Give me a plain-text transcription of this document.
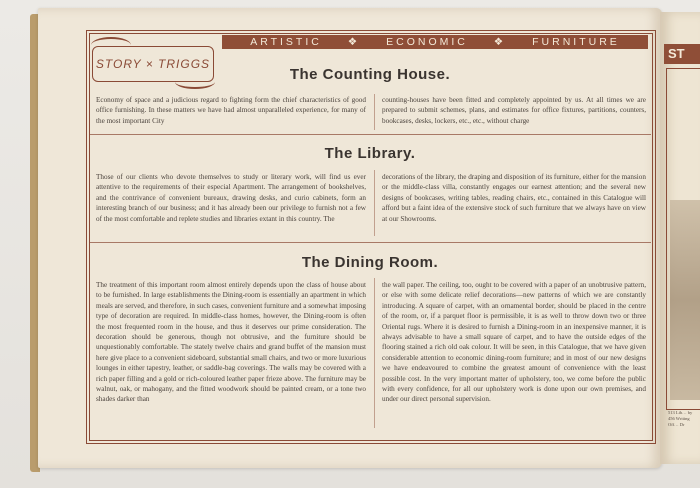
ARTISTIC ❖ ECONOMIC ❖ FURNITURE
STORY × TRIGGS
The Counting House.
Economy of space and a judicious regard to fighting form the chief characteristics of good office furnishing. In these matters we have had almost unparalleled experience, for many of the most important City
counting-houses have been fitted and completely appointed by us. At all times we are prepared to submit schemes, plans, and estimates for office fixtures, partitions, counters, bookcases, desks, lockers, etc., etc., without charge
The Library.
Those of our clients who devote themselves to study or literary work, will find us ever attentive to the requirements of their especial Apartment. The arrangement of bookshelves, and the contrivance of convenient bureaux, drawing desks, and curio cabinets, form an interesting branch of our business; and it has already been our privilege to furnish not a few of the most comfortable and replete studies and libraries extant in this country. The
decorations of the library, the draping and disposition of its furniture, either for the mansion or the middle-class villa, constantly engages our earnest attention; and the several new designs of bookcases, writing tables, reading chairs, etc., contained in this Catalogue will afford but a faint idea of the extensive stock of such furniture that we always have on view at our Showrooms.
The Dining Room.
The treatment of this important room almost entirely depends upon the class of house about to be furnished. In large establishments the Dining-room is essentially an apartment in which meals are served, and therefore, in such cases, convenient furniture and a somewhat imposing type of decoration are required. In middle-class homes, however, the Dining-room is often the most frequented room in the house, and thus it deserves our prime consideration. The decoration should be generous, though not obtrusive, and the furniture should be unquestionably comfortable. The stately twelve chairs and grand buffet of the mansion must here give place to a convenient sideboard, substantial small chairs, and two or more luxurious lounges in either tapestry, leather, or saddle-bag coverings. The walls may be covered with a rich paper filling and a gold or rich-coloured leather paper frieze above. The furniture may be walnut, oak, or mahogany, and the fitted woodwork should be painted cream, or a tone two shades darker than
the wall paper. The ceiling, too, ought to be covered with a paper of an unobtrusive pattern, or else with some delicate relief decorations—new patterns of which we are constantly introducing. A square of carpet, with an ornamental border, should be placed in the centre of the room, or, if a parquet floor is permissible, it is as well to throw down two or three Oriental rugs. Where it is desired to furnish a Dining-room in an inexpensive manner, it is always advisable to have a small square of carpet, and to have the outside edges of the flooring stained a rich old oak colour. It will be seen, in this Catalogue, that we have given considerable attention to economic dining-room furniture; and in most of our new designs we have endeavoured to combine the greatest amount of convenience with the least possible cost. In the very important matter of upholstery, too, we come before the public with every confidence, for all our upholstery work is done upon our own premises, and under our direct personal supervision.
ST
513 Lib… by
456 Writing
Off… Dr
